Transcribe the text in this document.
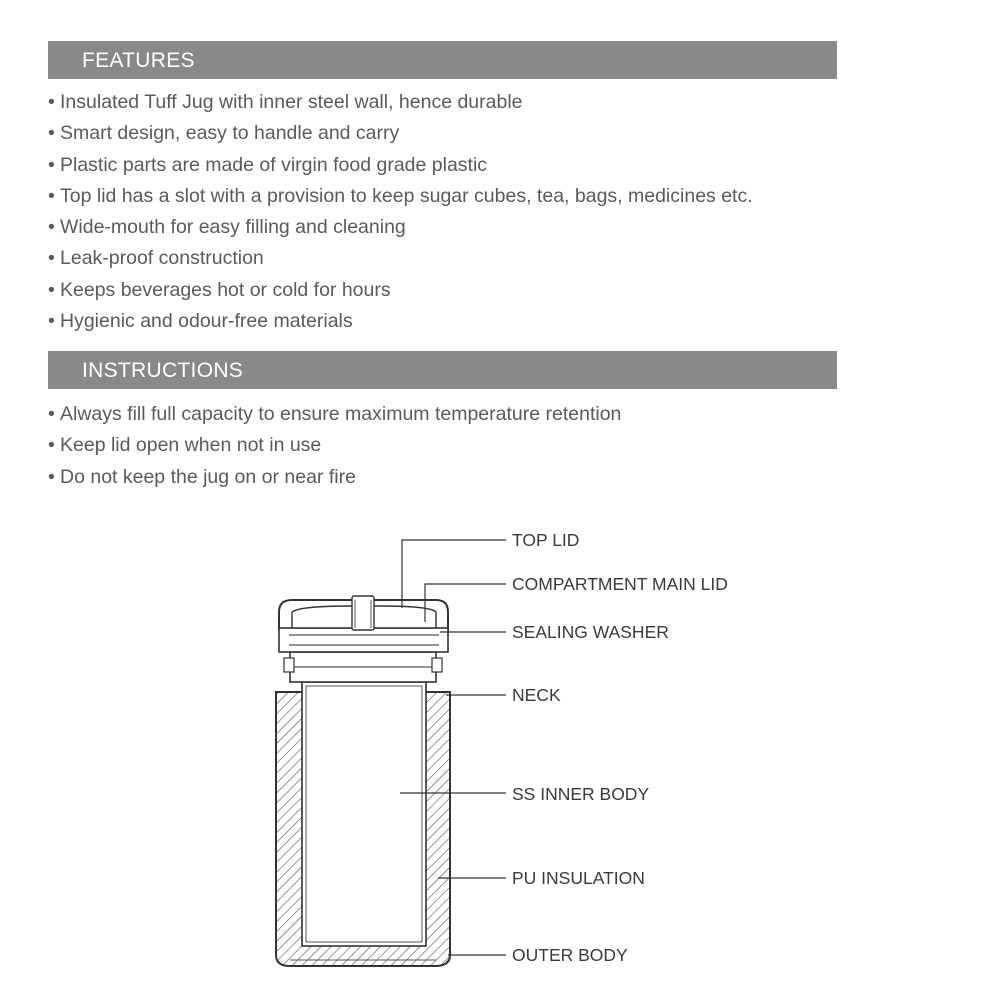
FEATURES
• Insulated Tuff Jug with inner steel wall, hence durable
• Smart design, easy to handle and carry
• Plastic parts are made of virgin food grade plastic
• Top lid has a slot with a provision to keep sugar cubes, tea, bags, medicines etc.
• Wide-mouth for easy filling and cleaning
• Leak-proof construction
• Keeps beverages hot or cold for hours
• Hygienic and odour-free materials
INSTRUCTIONS
• Always fill full capacity to ensure maximum temperature retention
• Keep lid open when not in use
• Do not keep the jug on or near fire
TOP LID
COMPARTMENT MAIN LID
SEALING WASHER
NECK
SS INNER BODY
PU INSULATION
OUTER BODY
